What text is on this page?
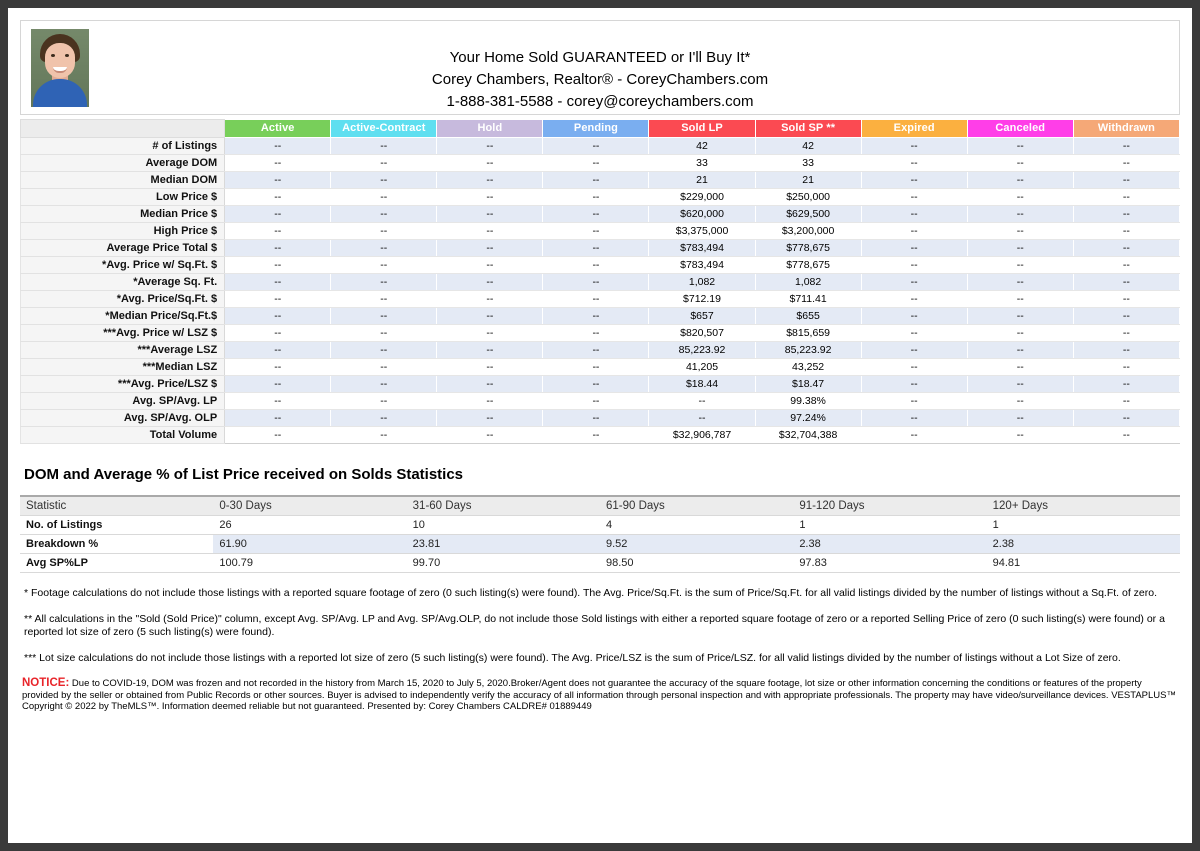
Your Home Sold GUARANTEED or I'll Buy It*
Corey Chambers, Realtor® - CoreyChambers.com
1-888-381-5588 - corey@coreychambers.com
	Active	Active-Contract	Hold	Pending	Sold LP	Sold SP **	Expired	Canceled	Withdrawn
# of Listings	--	--	--	--	42	42	--	--	--
Average DOM	--	--	--	--	33	33	--	--	--
Median DOM	--	--	--	--	21	21	--	--	--
Low Price $	--	--	--	--	$229,000	$250,000	--	--	--
Median Price $	--	--	--	--	$620,000	$629,500	--	--	--
High Price $	--	--	--	--	$3,375,000	$3,200,000	--	--	--
Average Price Total $	--	--	--	--	$783,494	$778,675	--	--	--
*Avg. Price w/ Sq.Ft. $	--	--	--	--	$783,494	$778,675	--	--	--
*Average Sq. Ft.	--	--	--	--	1,082	1,082	--	--	--
*Avg. Price/Sq.Ft. $	--	--	--	--	$712.19	$711.41	--	--	--
*Median Price/Sq.Ft.$	--	--	--	--	$657	$655	--	--	--
***Avg. Price w/ LSZ $	--	--	--	--	$820,507	$815,659	--	--	--
***Average LSZ	--	--	--	--	85,223.92	85,223.92	--	--	--
***Median LSZ	--	--	--	--	41,205	43,252	--	--	--
***Avg. Price/LSZ $	--	--	--	--	$18.44	$18.47	--	--	--
Avg. SP/Avg. LP	--	--	--	--	--	99.38%	--	--	--
Avg. SP/Avg. OLP	--	--	--	--	--	97.24%	--	--	--
Total Volume	--	--	--	--	$32,906,787	$32,704,388	--	--	--
DOM and Average % of List Price received on Solds Statistics
Statistic	0-30 Days	31-60 Days	61-90 Days	91-120 Days	120+ Days
No. of Listings	26	10	4	1	1
Breakdown %	61.90	23.81	9.52	2.38	2.38
Avg SP%LP	100.79	99.70	98.50	97.83	94.81

* Footage calculations do not include those listings with a reported square footage of zero (0 such listing(s) were found). The Avg. Price/Sq.Ft. is the sum of Price/Sq.Ft. for all valid listings divided by the number of listings without a Sq.Ft. of zero.

** All calculations in the "Sold (Sold Price)" column, except Avg. SP/Avg. LP and Avg. SP/Avg.OLP, do not include those Sold listings with either a reported square footage of zero or a reported Selling Price of zero (0 such listing(s) were found) or a reported lot size of zero (5 such listing(s) were found).

*** Lot size calculations do not include those listings with a reported lot size of zero (5 such listing(s) were found). The Avg. Price/LSZ is the sum of Price/LSZ. for all valid listings divided by the number of listings without a Lot Size of zero.

NOTICE: Due to COVID-19, DOM was frozen and not recorded in the history from March 15, 2020 to July 5, 2020.Broker/Agent does not guarantee the accuracy of the square footage, lot size or other information concerning the conditions or features of the property provided by the seller or obtained from Public Records or other sources. Buyer is advised to independently verify the accuracy of all information through personal inspection and with appropriate professionals. The property may have video/surveillance devices. VESTAPLUS™ Copyright © 2022 by TheMLS™. Information deemed reliable but not guaranteed. Presented by: Corey Chambers CALDRE# 01889449
